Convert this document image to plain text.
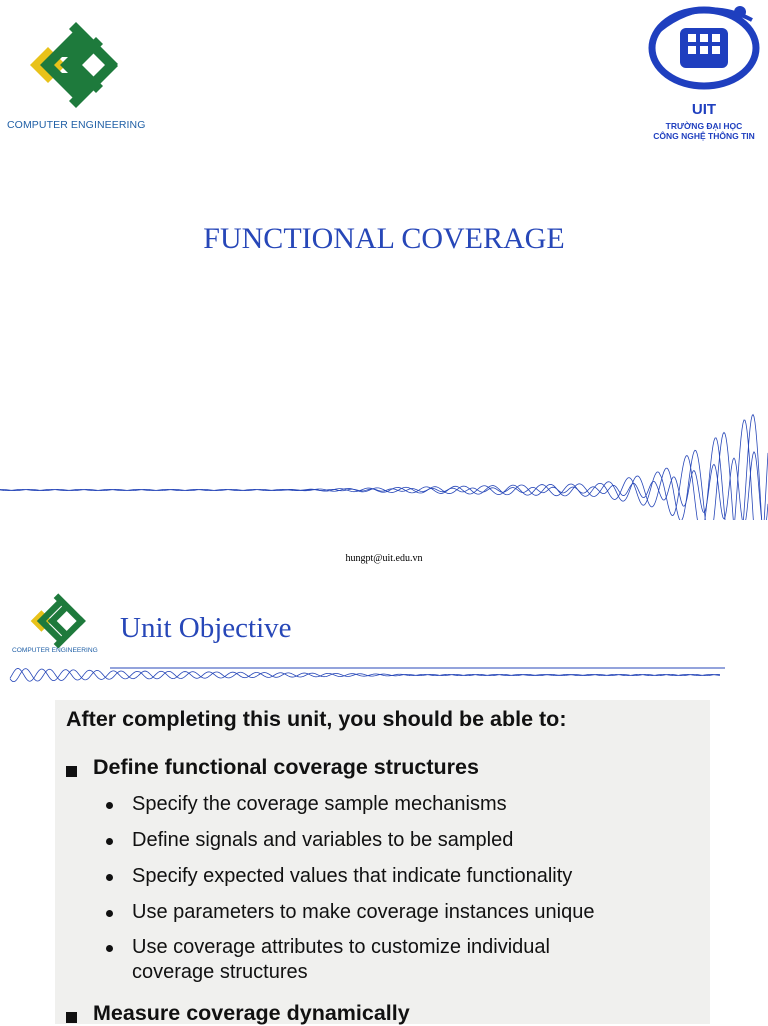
COMPUTER ENGINEERING
UIT
TRƯỜNG ĐẠI HỌC
CÔNG NGHỆ THÔNG TIN
FUNCTIONAL COVERAGE
hungpt@uit.edu.vn
COMPUTER ENGINEERING
Unit Objective
After completing this unit, you should be able to:
Define functional coverage structures
Specify the coverage sample mechanisms
Define signals and variables to be sampled
Specify expected values that indicate functionality
Use parameters to make coverage instances unique
Use coverage attributes to customize individual
coverage structures
Measure coverage dynamically
